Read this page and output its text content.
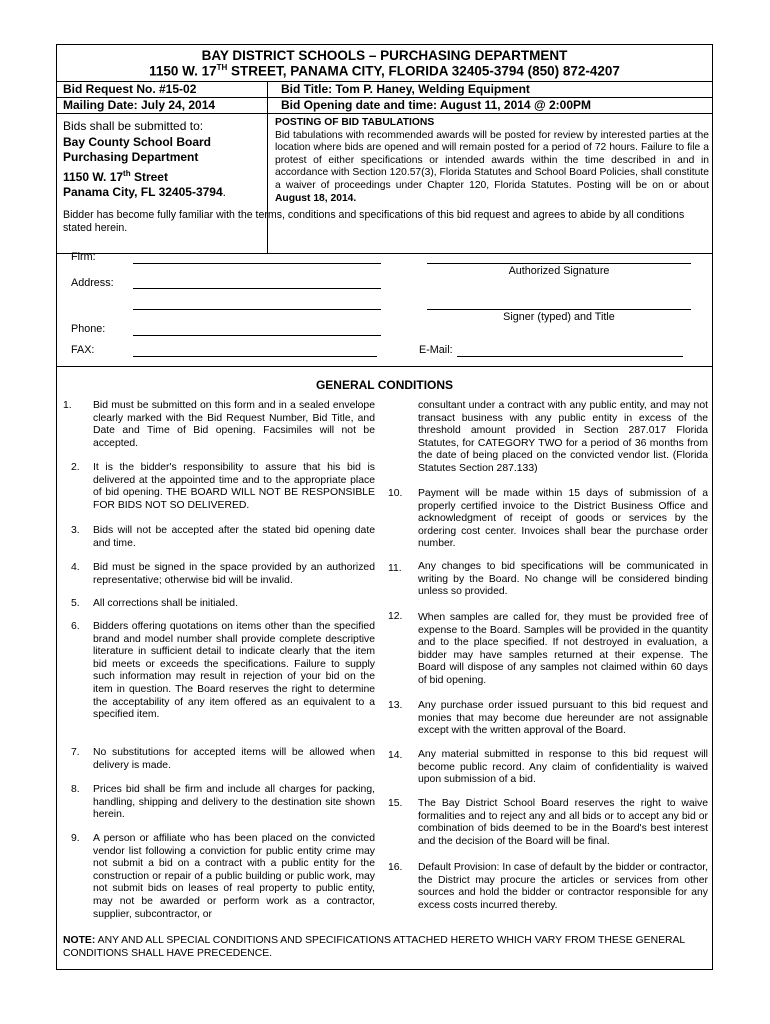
BAY DISTRICT SCHOOLS – PURCHASING DEPARTMENT
1150 W. 17TH STREET, PANAMA CITY, FLORIDA 32405-3794 (850) 872-4207
Bid Request No. #15-02	Bid Title: Tom P. Haney, Welding Equipment
Mailing Date: July 24, 2014	Bid Opening date and time: August 11, 2014 @ 2:00PM
Bids shall be submitted to:
Bay County School Board
Purchasing Department
1150 W. 17th Street
Panama City, FL 32405-3794.
POSTING OF BID TABULATIONS
Bid tabulations with recommended awards will be posted for review by interested parties at the location where bids are opened and will remain posted for a period of 72 hours. Failure to file a protest of either specifications or intended awards within the time described in and in accordance with Section 120.57(3), Florida Statutes and School Board Policies, shall constitute a waiver of proceedings under Chapter 120, Florida Statutes. Posting will be on or about August 18, 2014.
Bidder has become fully familiar with the terms, conditions and specifications of this bid request and agrees to abide by all conditions stated herein.
Firm:
Authorized Signature
Address:
Signer (typed) and Title
Phone:
FAX:	E-Mail:
GENERAL CONDITIONS
1. Bid must be submitted on this form and in a sealed envelope clearly marked with the Bid Request Number, Bid Title, and Date and Time of Bid opening. Facsimiles will not be accepted.
2. It is the bidder's responsibility to assure that his bid is delivered at the appointed time and to the appropriate place of bid opening. THE BOARD WILL NOT BE RESPONSIBLE FOR BIDS NOT SO DELIVERED.
3. Bids will not be accepted after the stated bid opening date and time.
4. Bid must be signed in the space provided by an authorized representative; otherwise bid will be invalid.
5. All corrections shall be initialed.
6. Bidders offering quotations on items other than the specified brand and model number shall provide complete descriptive literature in sufficient detail to indicate clearly that the item bid meets or exceeds the specifications. Failure to supply such information may result in rejection of your bid on the item in question. The Board reserves the right to determine the acceptability of any item offered as an equivalent to a specified item.
7. No substitutions for accepted items will be allowed when delivery is made.
8. Prices bid shall be firm and include all charges for packing, handling, shipping and delivery to the destination site shown herein.
9. A person or affiliate who has been placed on the convicted vendor list following a conviction for public entity crime may not submit a bid on a contract with a public entity for the construction or repair of a public building or public work, may not submit bids on leases of real property to public entity, may not be awarded or perform work as a contractor, supplier, subcontractor, or
consultant under a contract with any public entity, and may not transact business with any public entity in excess of the threshold amount provided in Section 287.017 Florida Statutes, for CATEGORY TWO for a period of 36 months from the date of being placed on the convicted vendor list. (Florida Statutes Section 287.133)
10. Payment will be made within 15 days of submission of a properly certified invoice to the District Business Office and acknowledgment of receipt of goods or services by the ordering cost center. Invoices shall bear the purchase order number.
11. Any changes to bid specifications will be communicated in writing by the Board. No change will be considered binding unless so provided.
12. When samples are called for, they must be provided free of expense to the Board. Samples will be provided in the quantity and to the place specified. If not destroyed in evaluation, a bidder may have samples returned at their expense. The Board will dispose of any samples not claimed within 60 days of bid opening.
13. Any purchase order issued pursuant to this bid request and monies that may become due hereunder are not assignable except with the written approval of the Board.
14. Any material submitted in response to this bid request will become public record. Any claim of confidentiality is waived upon submission of a bid.
15. The Bay District School Board reserves the right to waive formalities and to reject any and all bids or to accept any bid or combination of bids deemed to be in the Board's best interest and the decision of the Board will be final.
16. Default Provision: In case of default by the bidder or contractor, the District may procure the articles or services from other sources and hold the bidder or contractor responsible for any excess costs incurred thereby.
NOTE: ANY AND ALL SPECIAL CONDITIONS AND SPECIFICATIONS ATTACHED HERETO WHICH VARY FROM THESE GENERAL CONDITIONS SHALL HAVE PRECEDENCE.
